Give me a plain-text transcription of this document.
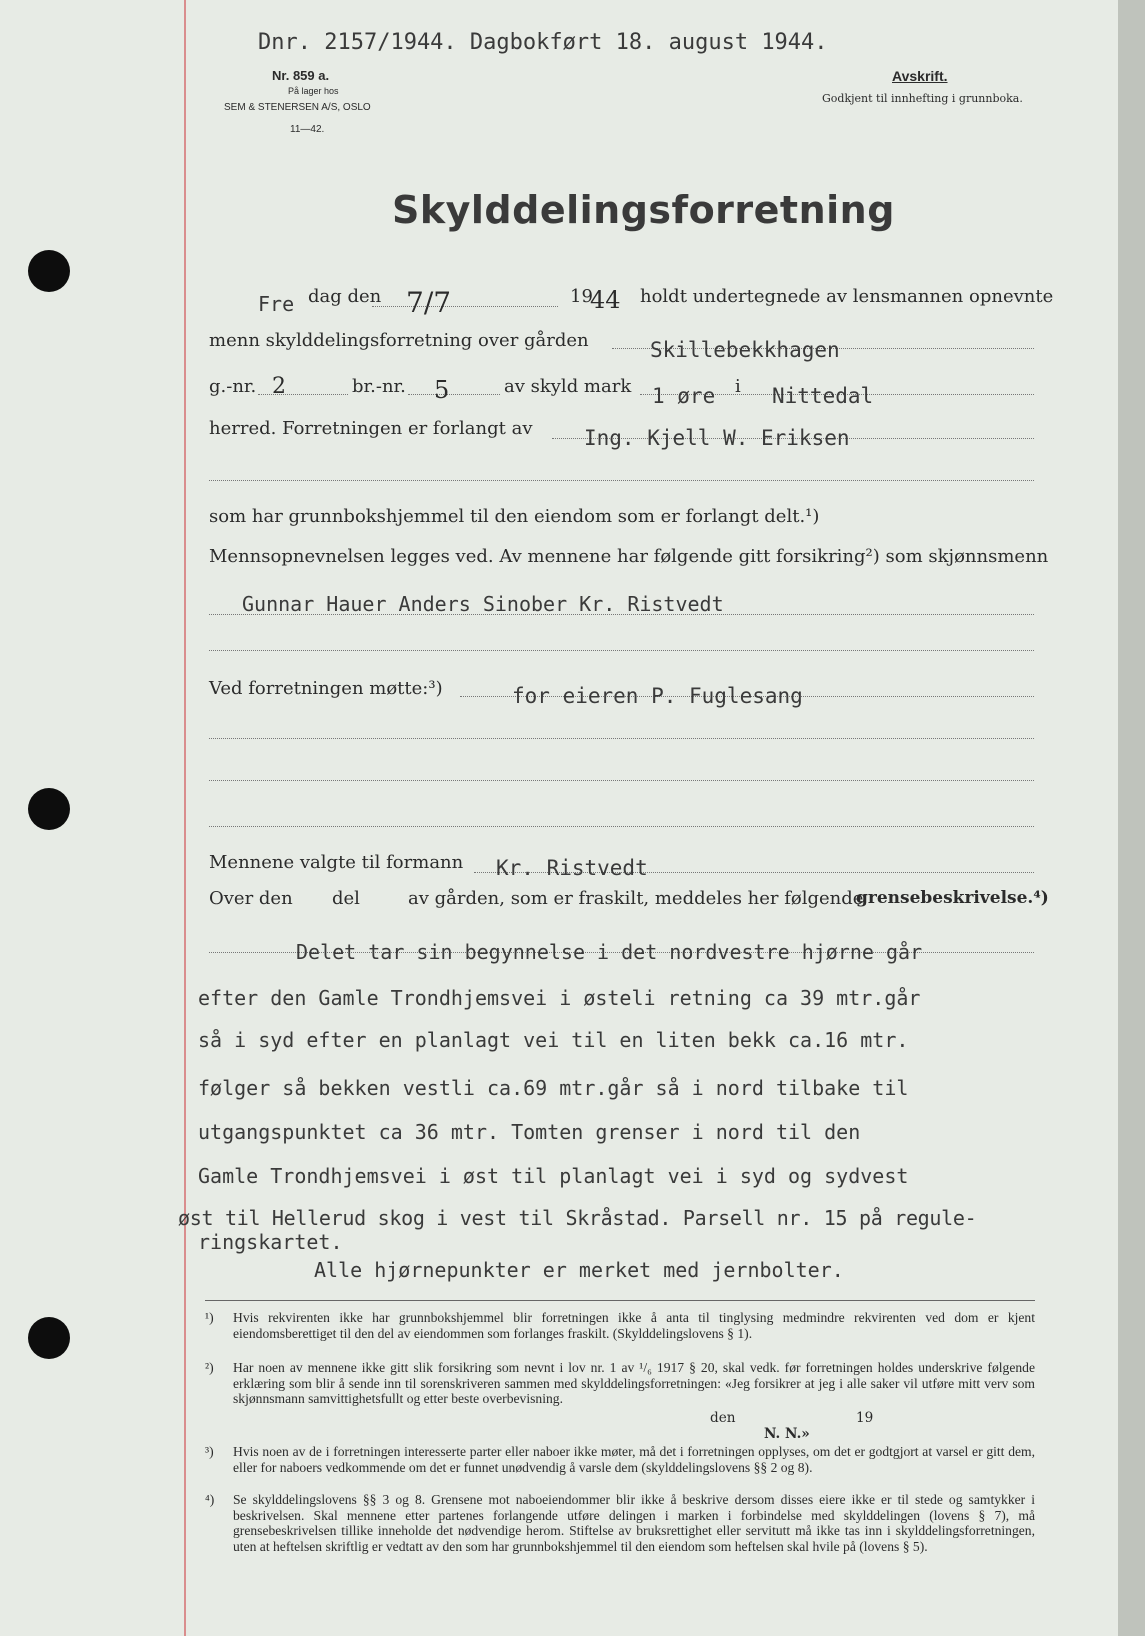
Dnr. 2157/1944. Dagbokført 18. august 1944.
Nr. 859 a.
På lager hos
SEM & STENERSEN A/S, OSLO
11—42.
Avskrift.
Godkjent til innhefting i grunnboka.
Skylddelingsforretning
Fre dag den 7/7	19
44 holdt undertegnede av lensmannen opnevnte
menn skylddelingsforretning over gården	Skillebekkhagen
g.-nr. 2	br.-nr. 5	av skyld mark 1 øre i Nittedal
herred. Forretningen er forlangt av Ing. Kjell W. Eriksen
som har grunnbokshjemmel til den eiendom som er forlangt delt.¹)
Mennsopnevnelsen legges ved. Av mennene har følgende gitt forsikring²) som skjønnsmenn
Gunnar Hauer Anders Sinober Kr. Ristvedt
Ved forretningen møtte:³)	for eieren P. Fuglesang
Mennene valgte til formann Kr. Ristvedt
Over den del	av gården, som er fraskilt, meddeles her følgende
grensebeskrivelse.⁴)
Delet tar sin begynnelse i det nordvestre hjørne går
efter den Gamle Trondhjemsvei i østeli retning ca 39 mtr.går
så i syd efter en planlagt vei til en liten bekk ca.16 mtr.
følger så bekken vestli ca.69 mtr.går så i nord tilbake til
utgangspunktet ca 36 mtr. Tomten grenser i nord til den
Gamle Trondhjemsvei i øst til planlagt vei i syd og sydvest
øst til Hellerud skog i vest til Skråstad. Parsell nr. 15 på regule-
ringskartet.
Alle hjørnepunkter er merket med jernbolter.
¹) Hvis rekvirenten ikke har grunnbokshjemmel blir forretningen ikke å anta til tinglysing medmindre rekvirenten ved dom er kjent eiendomsberettiget til den del av eiendommen som forlanges fraskilt. (Skylddelingslovens § 1).
²) Har noen av mennene ikke gitt slik forsikring som nevnt i lov nr. 1 av ¹/₆ 1917 § 20, skal vedk. før forretningen holdes underskrive følgende erklæring som blir å sende inn til sorenskriveren sammen med skylddelingsforretningen: «Jeg forsikrer at jeg i alle saker vil utføre mitt verv som skjønnsmann samvittighetsfullt og etter beste overbevisning.
den	19
N. N.»
³) Hvis noen av de i forretningen interesserte parter eller naboer ikke møter, må det i forretningen opplyses, om det er godtgjort at varsel er gitt dem, eller for naboers vedkommende om det er funnet unødvendig å varsle dem (skylddelingslovens §§ 2 og 8).
⁴) Se skylddelingslovens §§ 3 og 8. Grensene mot naboeiendommer blir ikke å beskrive dersom disses eiere ikke er til stede og samtykker i beskrivelsen. Skal mennene etter partenes forlangende utføre delingen i marken i forbindelse med skylddelingen (lovens § 7), må grensebeskrivelsen tillike inneholde det nødvendige herom. Stiftelse av bruksrettighet eller servitutt må ikke tas inn i skylddelingsforretningen, uten at heftelsen skriftlig er vedtatt av den som har grunnbokshjemmel til den eiendom som heftelsen skal hvile på (lovens § 5).
